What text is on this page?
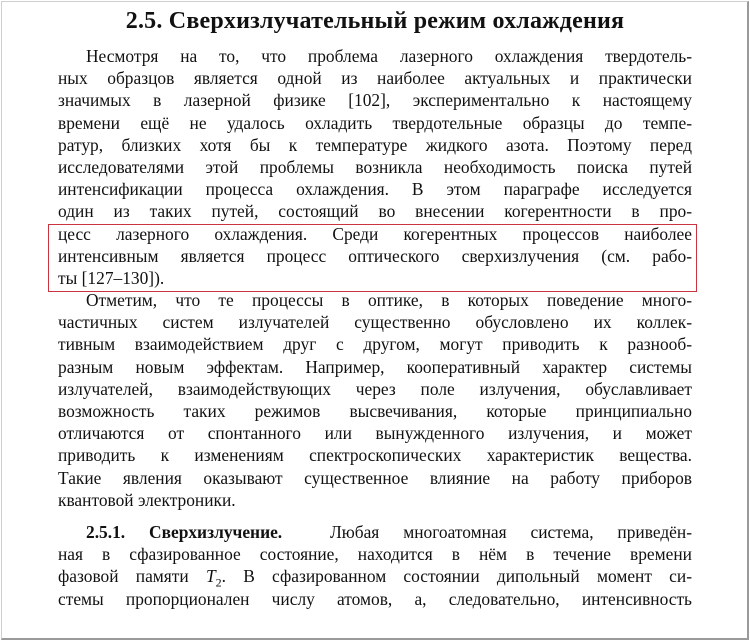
2.5. Сверхизлучательный режим охлаждения
Несмотря на то, что проблема лазерного охлаждения твердотель-
ных образцов является одной из наиболее актуальных и практически
значимых в лазерной физике [102], экспериментально к настоящему
времени ещё не удалось охладить твердотельные образцы до темпе-
ратур, близких хотя бы к температуре жидкого азота. Поэтому перед
исследователями этой проблемы возникла необходимость поиска путей
интенсификации процесса охлаждения. В этом параграфе исследуется
один из таких путей, состоящий во внесении когерентности в про-
цесс лазерного охлаждения. Среди когерентных процессов наиболее
интенсивным является процесс оптического сверхизлучения (см. рабо-
ты [127–130]).
Отметим, что те процессы в оптике, в которых поведение много-
частичных систем излучателей существенно обусловлено их коллек-
тивным взаимодействием друг с другом, могут приводить к разнооб-
разным новым эффектам. Например, кооперативный характер системы
излучателей, взаимодействующих через поле излучения, обуславливает
возможность таких режимов высвечивания, которые принципиально
отличаются от спонтанного или вынужденного излучения, и может
приводить к изменениям спектроскопических характеристик вещества.
Такие явления оказывают существенное влияние на работу приборов
квантовой электроники.
2.5.1. Сверхизлучение.	Любая многоатомная система, приведён-
ная в сфазированное состояние, находится в нём в течение времени
фазовой памяти $T_2$. В сфазированном состоянии дипольный момент си-
стемы пропорционален числу атомов, а, следовательно, интенсивность
